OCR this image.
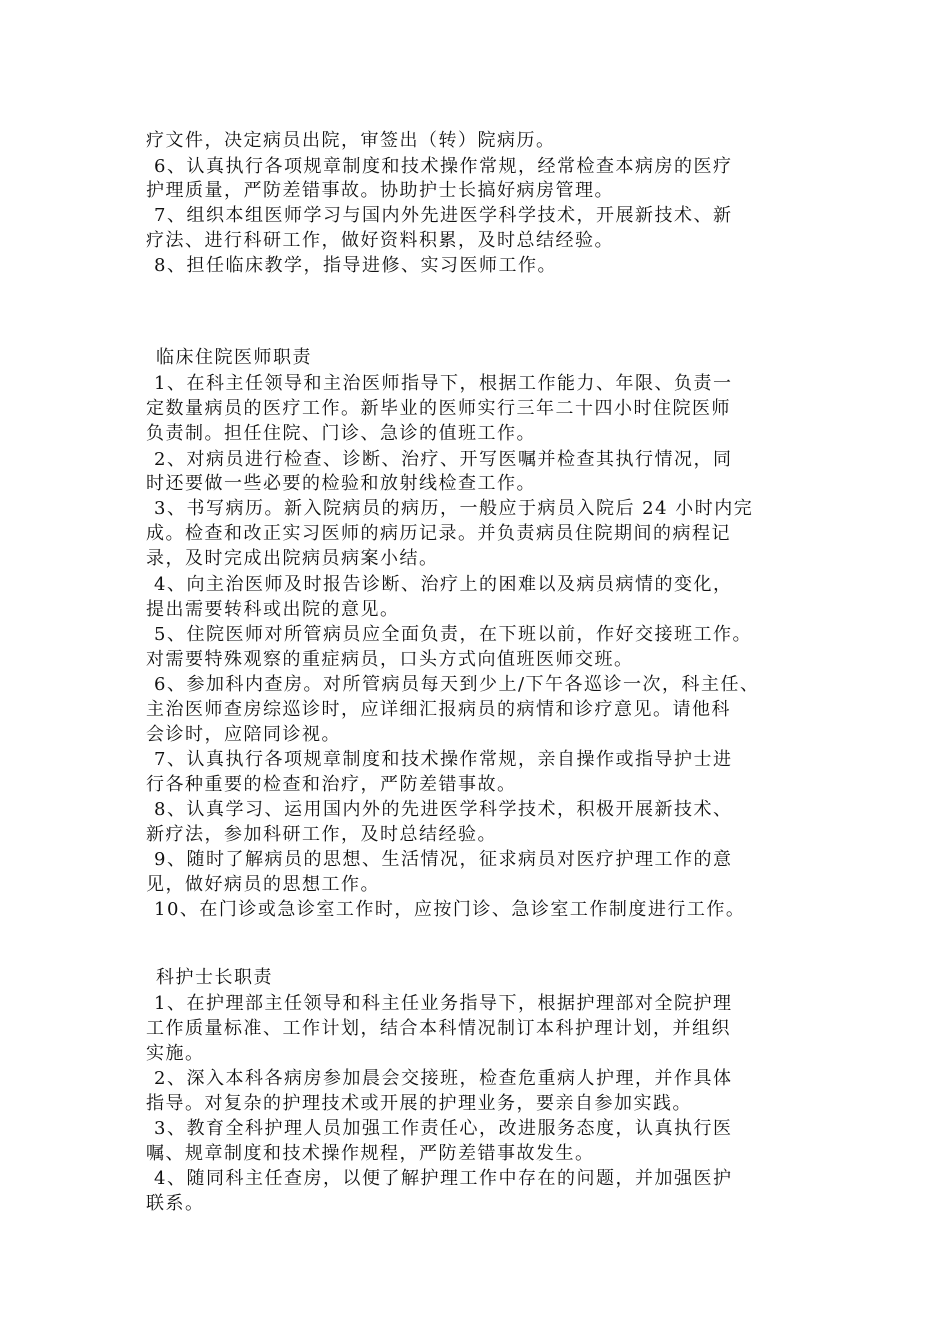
疗文件，决定病员出院，审签出（转）院病历。
6、认真执行各项规章制度和技术操作常规，经常检查本病房的医疗
护理质量，严防差错事故。协助护士长搞好病房管理。
7、组织本组医师学习与国内外先进医学科学技术，开展新技术、新
疗法、进行科研工作，做好资料积累，及时总结经验。
8、担任临床教学，指导进修、实习医师工作。
临床住院医师职责
1、在科主任领导和主治医师指导下，根据工作能力、年限、负责一
定数量病员的医疗工作。新毕业的医师实行三年二十四小时住院医师
负责制。担任住院、门诊、急诊的值班工作。
2、对病员进行检查、诊断、治疗、开写医嘱并检查其执行情况，同
时还要做一些必要的检验和放射线检查工作。
3、书写病历。新入院病员的病历，一般应于病员入院后 24 小时内完
成。检查和改正实习医师的病历记录。并负责病员住院期间的病程记
录，及时完成出院病员病案小结。
4、向主治医师及时报告诊断、治疗上的困难以及病员病情的变化，
提出需要转科或出院的意见。
5、住院医师对所管病员应全面负责，在下班以前，作好交接班工作。
对需要特殊观察的重症病员，口头方式向值班医师交班。
6、参加科内查房。对所管病员每天到少上/下午各巡诊一次，科主任、
主治医师查房综巡诊时，应详细汇报病员的病情和诊疗意见。请他科
会诊时，应陪同诊视。
7、认真执行各项规章制度和技术操作常规，亲自操作或指导护士进
行各种重要的检查和治疗，严防差错事故。
8、认真学习、运用国内外的先进医学科学技术，积极开展新技术、
新疗法，参加科研工作，及时总结经验。
9、随时了解病员的思想、生活情况，征求病员对医疗护理工作的意
见，做好病员的思想工作。
10、在门诊或急诊室工作时，应按门诊、急诊室工作制度进行工作。
科护士长职责
1、在护理部主任领导和科主任业务指导下，根据护理部对全院护理
工作质量标准、工作计划，结合本科情况制订本科护理计划，并组织
实施。
2、深入本科各病房参加晨会交接班，检查危重病人护理，并作具体
指导。对复杂的护理技术或开展的护理业务，要亲自参加实践。
3、教育全科护理人员加强工作责任心，改进服务态度，认真执行医
嘱、规章制度和技术操作规程，严防差错事故发生。
4、随同科主任查房，以便了解护理工作中存在的问题，并加强医护
联系。
